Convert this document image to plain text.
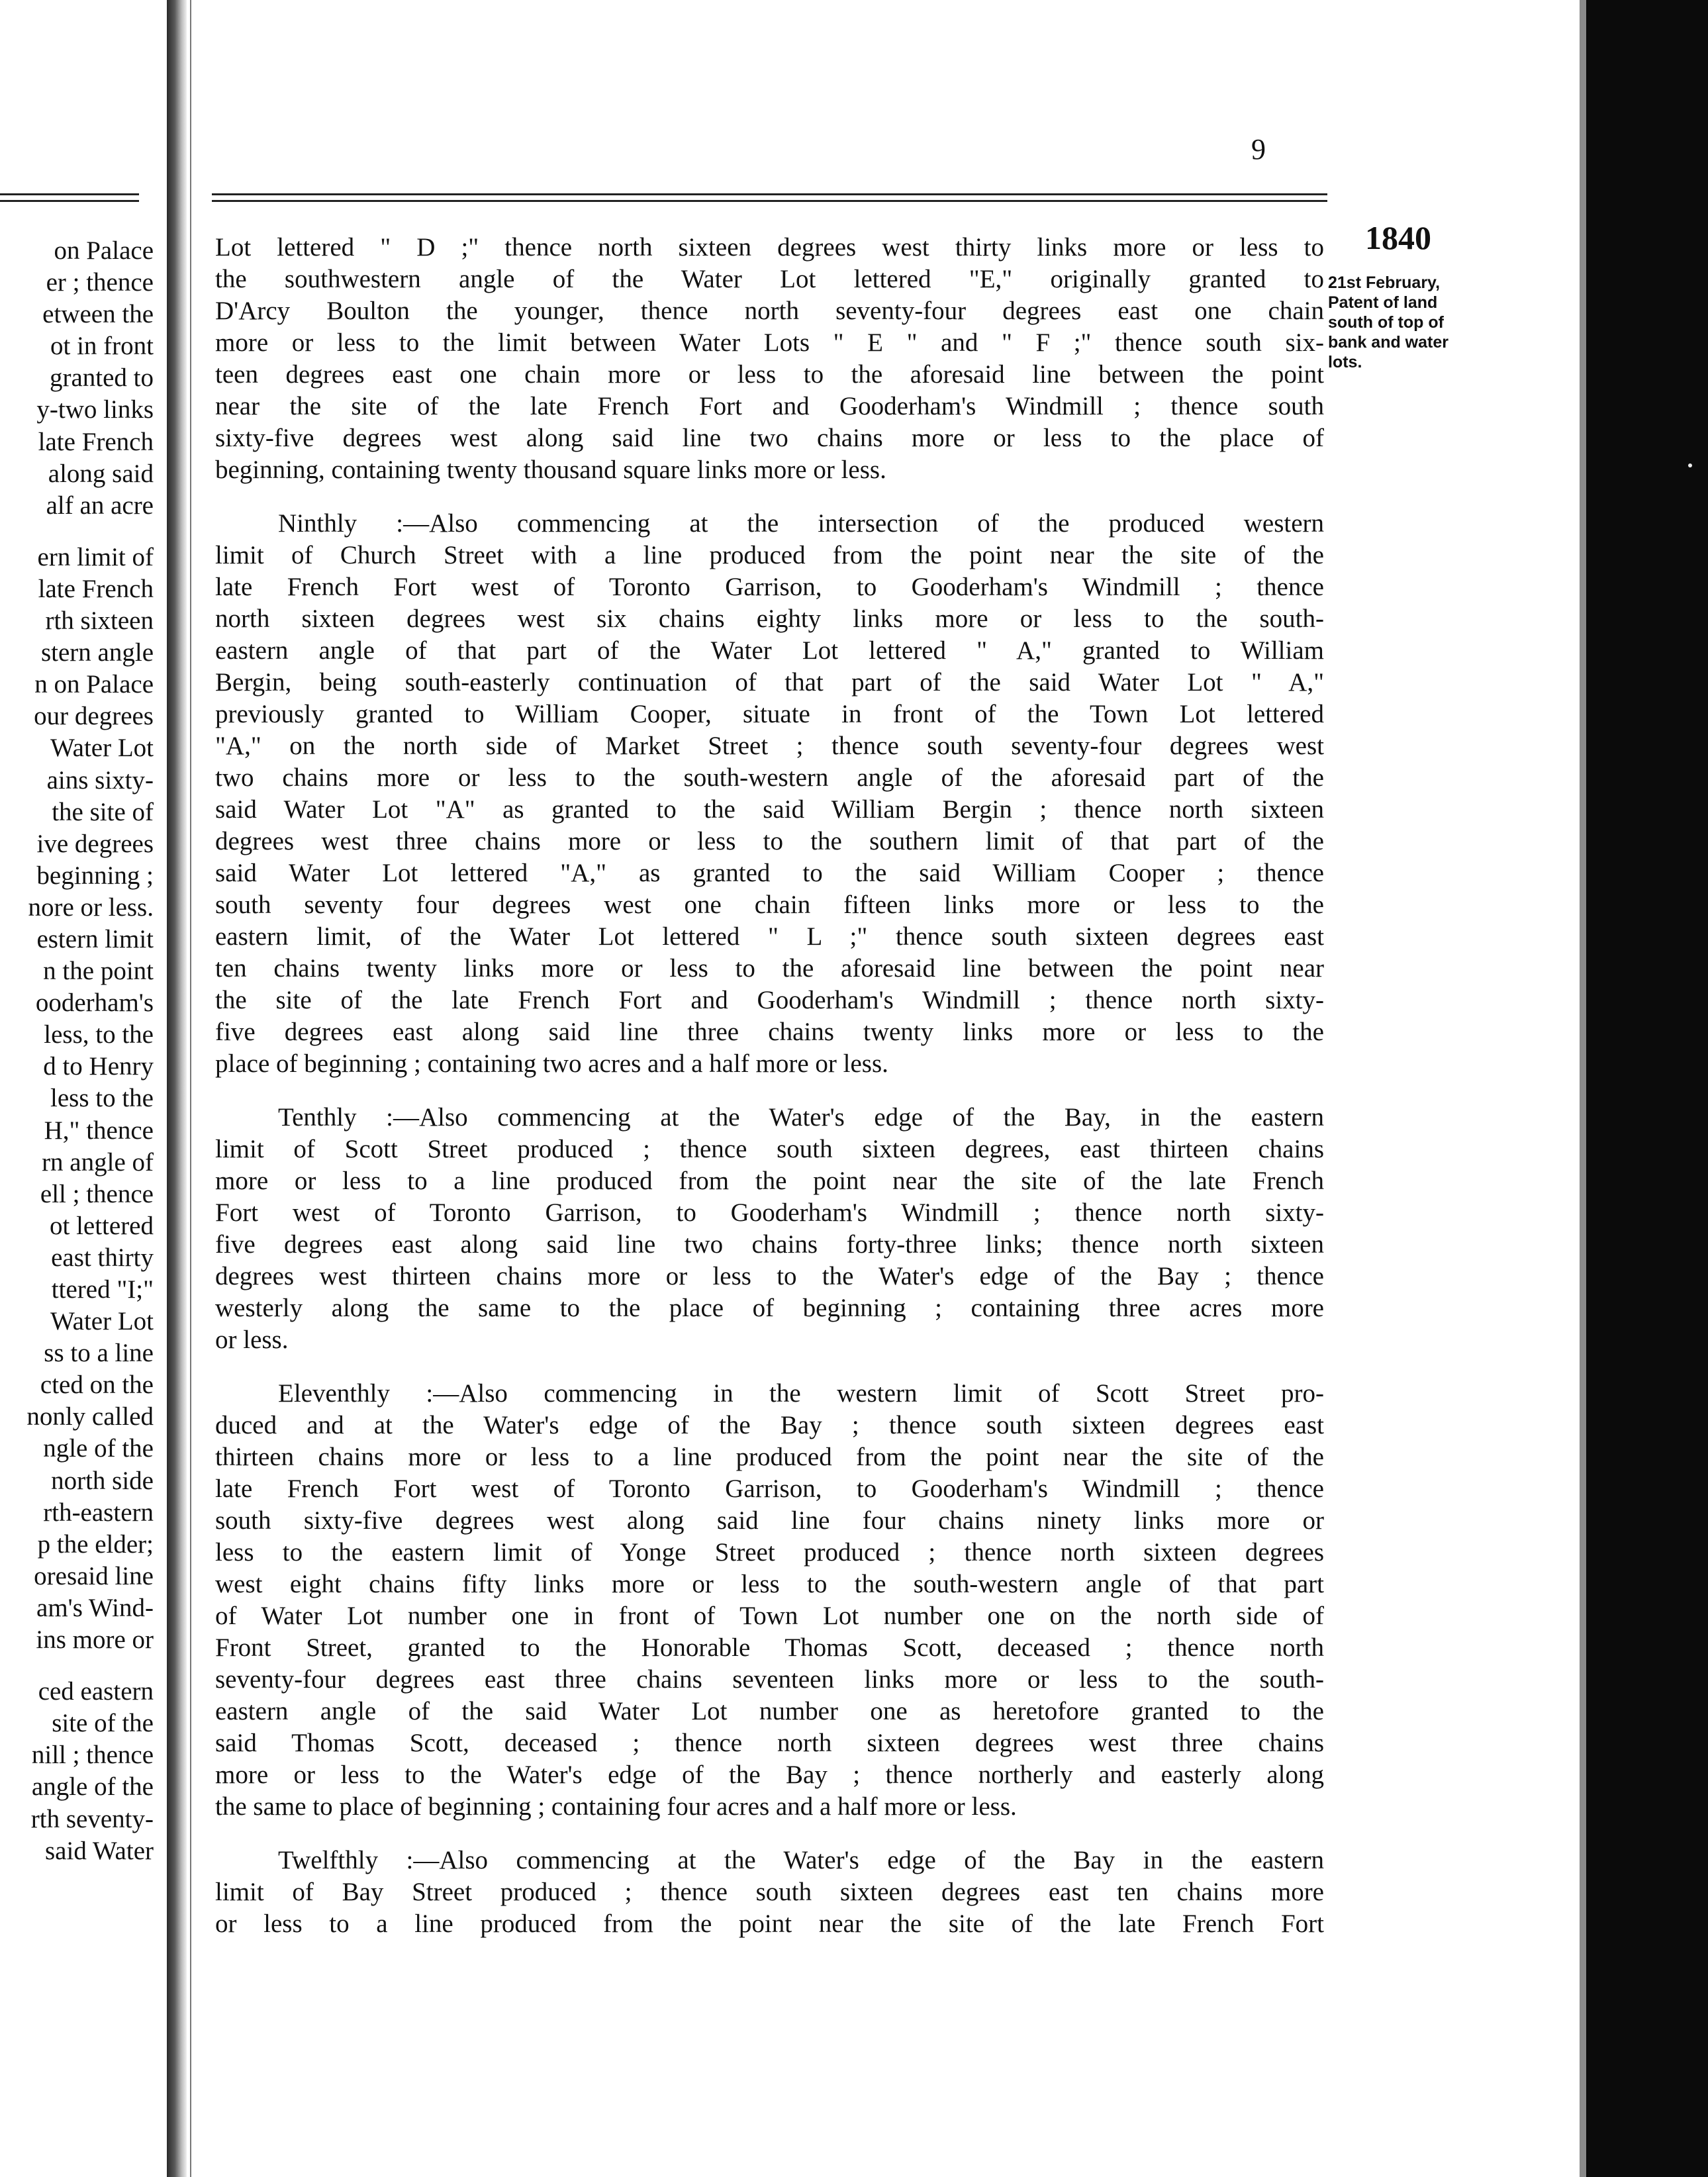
on Palace
er ; thence
etween the
ot in front
granted to
y-two links
late French
along said
alf an acre
ern limit of
late French
rth sixteen
stern angle
n on Palace
our degrees
Water Lot
ains sixty-
the site of
ive degrees
beginning ;
nore or less.
estern limit
n the point
ooderham's
less, to the
d to Henry
less to the
H," thence
rn angle of
ell ; thence
ot lettered
east thirty
ttered "I;"
Water Lot
ss to a line
cted on the
nonly called
ngle of the
north side
rth-eastern
p the elder;
oresaid line
am's Wind-
ins more or
ced eastern
site of the
nill ; thence
angle of the
rth seventy-
said Water
9
1840
21st February,
Patent of land
south of top of
bank and water
lots.
Lot lettered " D ;" thence north sixteen degrees west thirty links more or less to
the southwestern angle of the Water Lot lettered "E," originally granted to
D'Arcy Boulton the younger, thence north seventy-four degrees east one chain
more or less to the limit between Water Lots " E " and " F ;" thence south six-
teen degrees east one chain more or less to the aforesaid line between the point
near the site of the late French Fort and Gooderham's Windmill ; thence south
sixty-five degrees west along said line two chains more or less to the place of
beginning, containing twenty thousand square links more or less.
Ninthly :—Also commencing at the intersection of the produced western
limit of Church Street with a line produced from the point near the site of the
late French Fort west of Toronto Garrison, to Gooderham's Windmill ; thence
north sixteen degrees west six chains eighty links more or less to the south-
eastern angle of that part of the Water Lot lettered " A," granted to William
Bergin, being south-easterly continuation of that part of the said Water Lot " A,"
previously granted to William Cooper, situate in front of the Town Lot lettered
"A," on the north side of Market Street ; thence south seventy-four degrees west
two chains more or less to the south-western angle of the aforesaid part of the
said Water Lot "A" as granted to the said William Bergin ; thence north sixteen
degrees west three chains more or less to the southern limit of that part of the
said Water Lot lettered "A," as granted to the said William Cooper ; thence
south seventy four degrees west one chain fifteen links more or less to the
eastern limit, of the Water Lot lettered " L ;" thence south sixteen degrees east
ten chains twenty links more or less to the aforesaid line between the point near
the site of the late French Fort and Gooderham's Windmill ; thence north sixty-
five degrees east along said line three chains twenty links more or less to the
place of beginning ; containing two acres and a half more or less.
Tenthly :—Also commencing at the Water's edge of the Bay, in the eastern
limit of Scott Street produced ; thence south sixteen degrees, east thirteen chains
more or less to a line produced from the point near the site of the late French
Fort west of Toronto Garrison, to Gooderham's Windmill ; thence north sixty-
five degrees east along said line two chains forty-three links; thence north sixteen
degrees west thirteen chains more or less to the Water's edge of the Bay ; thence
westerly along the same to the place of beginning ; containing three acres more
or less.
Eleventhly :—Also commencing in the western limit of Scott Street pro-
duced and at the Water's edge of the Bay ; thence south sixteen degrees east
thirteen chains more or less to a line produced from the point near the site of the
late French Fort west of Toronto Garrison, to Gooderham's Windmill ; thence
south sixty-five degrees west along said line four chains ninety links more or
less to the eastern limit of Yonge Street produced ; thence north sixteen degrees
west eight chains fifty links more or less to the south-western angle of that part
of Water Lot number one in front of Town Lot number one on the north side of
Front Street, granted to the Honorable Thomas Scott, deceased ; thence north
seventy-four degrees east three chains seventeen links more or less to the south-
eastern angle of the said Water Lot number one as heretofore granted to the
said Thomas Scott, deceased ; thence north sixteen degrees west three chains
more or less to the Water's edge of the Bay ; thence northerly and easterly along
the same to place of beginning ; containing four acres and a half more or less.
Twelfthly :—Also commencing at the Water's edge of the Bay in the eastern
limit of Bay Street produced ; thence south sixteen degrees east ten chains more
or less to a line produced from the point near the site of the late French Fort
